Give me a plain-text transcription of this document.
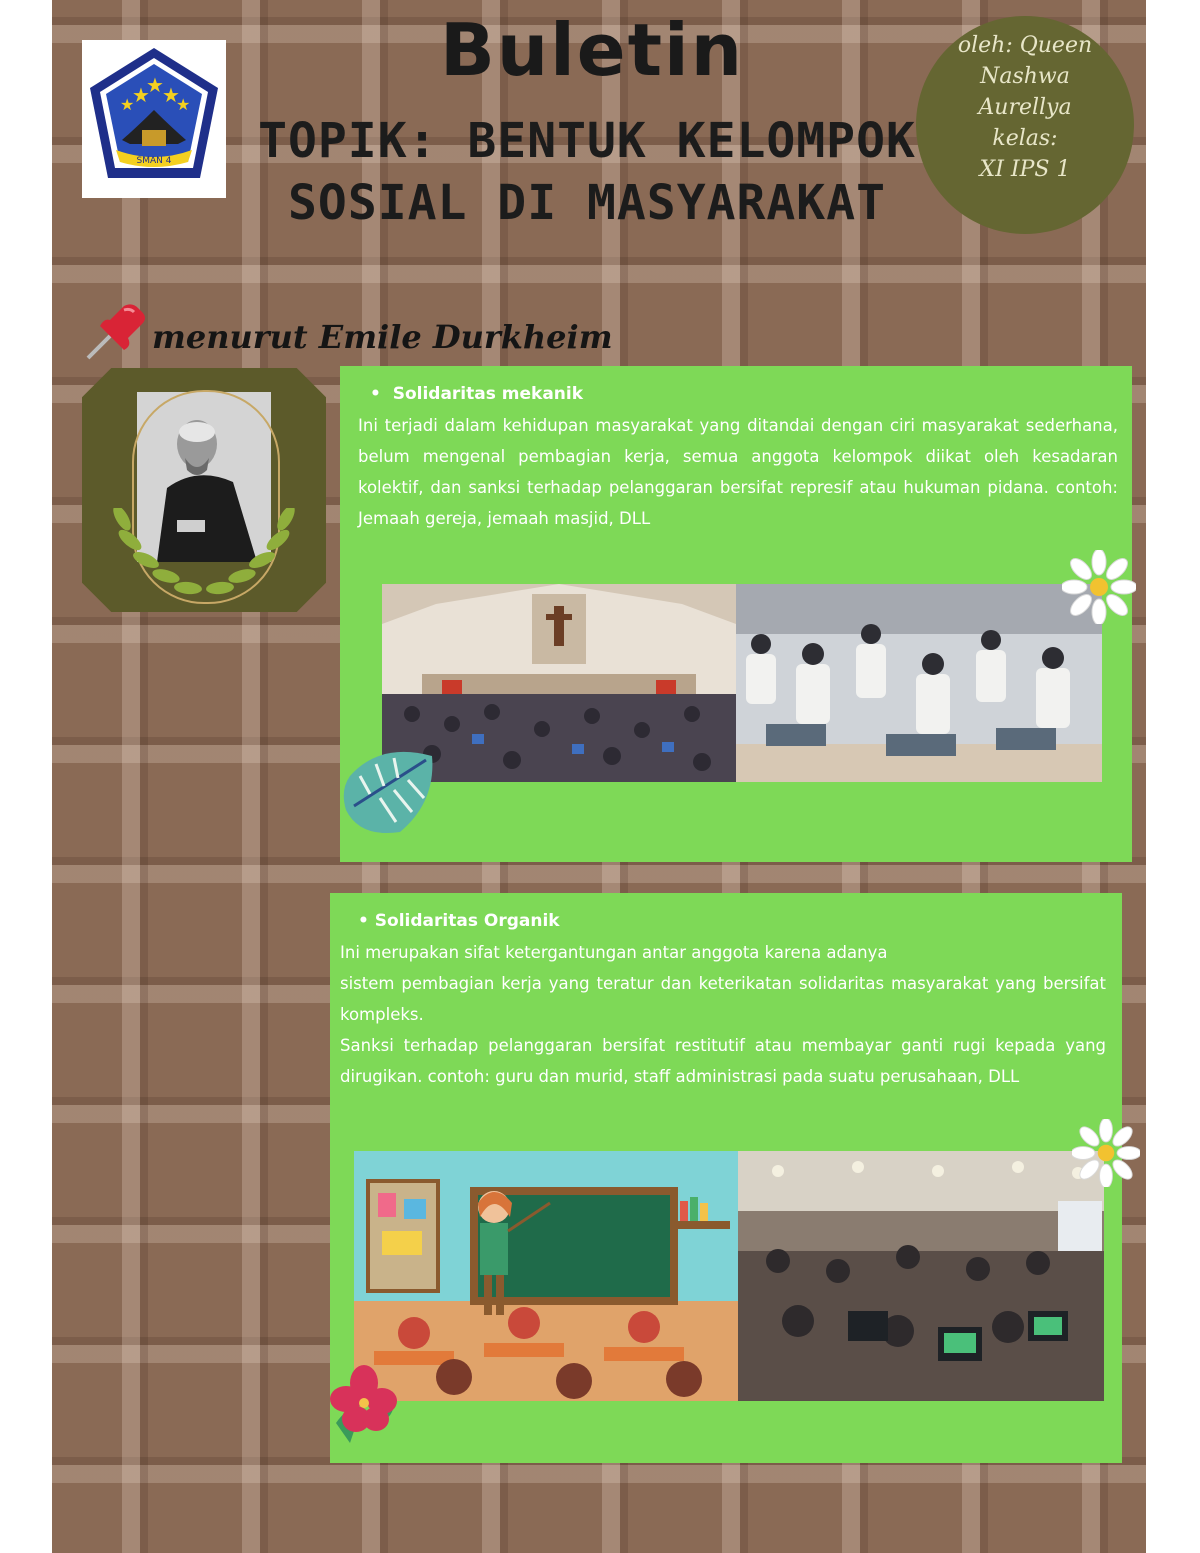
★
★
★
★	★
SMAN 4
Buletin
TOPIK: BENTUK KELOMPOK
SOSIAL DI MASYARAKAT
oleh: Queen
Nashwa
Aurellya
kelas:
XI IPS 1
menurut Emile Durkheim

•  Solidaritas mekanik

Ini terjadi dalam kehidupan masyarakat yang ditandai dengan ciri masyarakat sederhana, belum mengenal pembagian kerja, semua anggota kelompok diikat oleh kesadaran kolektif, dan sanksi terhadap pelanggaran bersifat represif atau hukuman pidana. contoh: Jemaah gereja, jemaah masjid, DLL

• Solidaritas Organik

Ini merupakan sifat ketergantungan antar anggota karena adanya
sistem pembagian kerja yang teratur dan keterikatan solidaritas masyarakat yang bersifat kompleks.
Sanksi terhadap pelanggaran bersifat restitutif atau membayar ganti rugi kepada yang dirugikan. contoh: guru dan murid, staff administrasi pada suatu perusahaan, DLL
